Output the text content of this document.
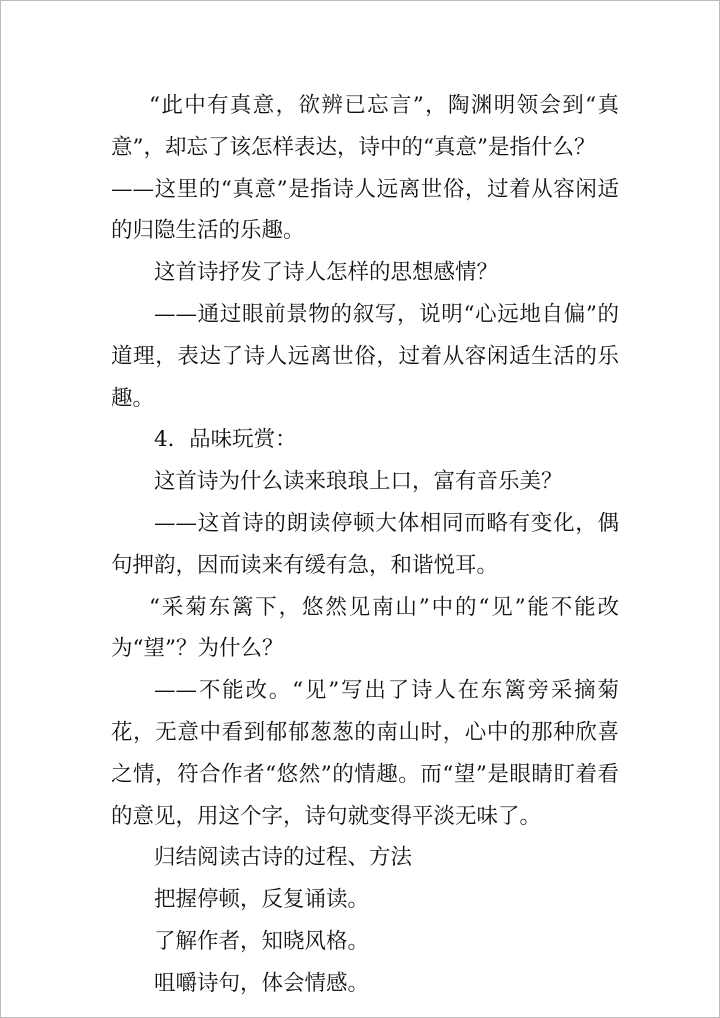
“此中有真意，欲辨已忘言”，陶渊明领会到“真意”，却忘了该怎样表达，诗中的“真意”是指什么？

——这里的“真意”是指诗人远离世俗，过着从容闲适的归隐生活的乐趣。

这首诗抒发了诗人怎样的思想感情？

——通过眼前景物的叙写，说明“心远地自偏”的道理，表达了诗人远离世俗，过着从容闲适生活的乐趣。

4．品味玩赏：

这首诗为什么读来琅琅上口，富有音乐美？

——这首诗的朗读停顿大体相同而略有变化，偶句押韵，因而读来有缓有急，和谐悦耳。

“采菊东篱下，悠然见南山”中的“见”能不能改为“望”？为什么？

——不能改。“见”写出了诗人在东篱旁采摘菊花，无意中看到郁郁葱葱的南山时，心中的那种欣喜之情，符合作者“悠然”的情趣。而“望”是眼睛盯着看的意见，用这个字，诗句就变得平淡无味了。

归结阅读古诗的过程、方法

把握停顿，反复诵读。

了解作者，知晓风格。

咀嚼诗句，体会情感。
